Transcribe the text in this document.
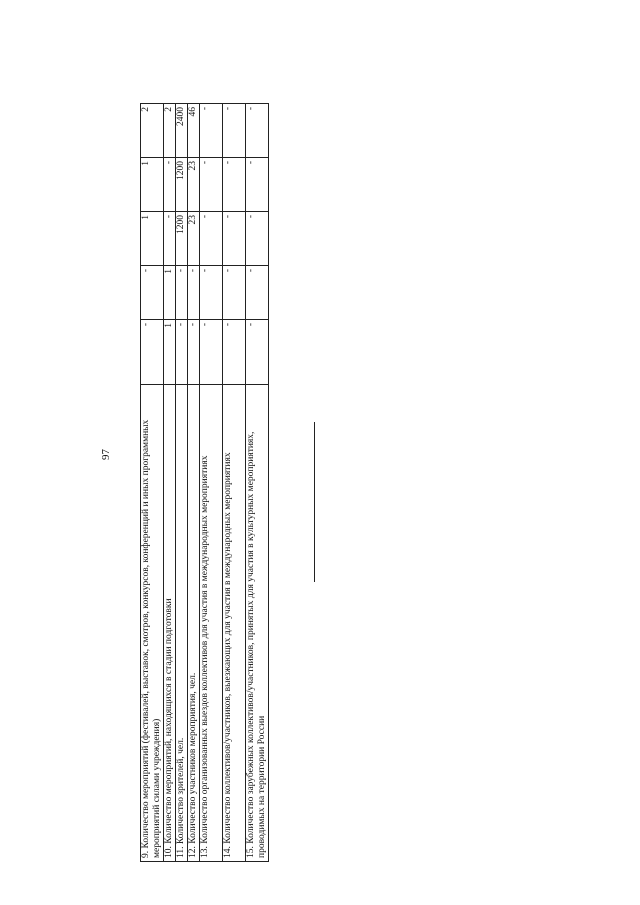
97	9. Количество мероприятий (фестивалей, выставок, смотров, конкурсов, конференций и иных программных мероприятий силами учреждения)	-	-	1	1	2
10. Количество мероприятий, находящихся в стадии подготовки	1	1	-	-	2
11. Количество зрителей, чел.	-	-	1200	1200	2400
12. Количество участников мероприятия, чел.	-	-	23	23	46
13. Количество организованных выездов коллективов для участия в международных мероприятиях	-	-	-	-	-
14. Количество коллективов/участников, выезжающих для участия в международных мероприятиях	-	-	-	-	-
15. Количество зарубежных коллективов/участников, принятых для участия в культурных мероприятиях, проводимых на территории России	-	-	-	-	-
